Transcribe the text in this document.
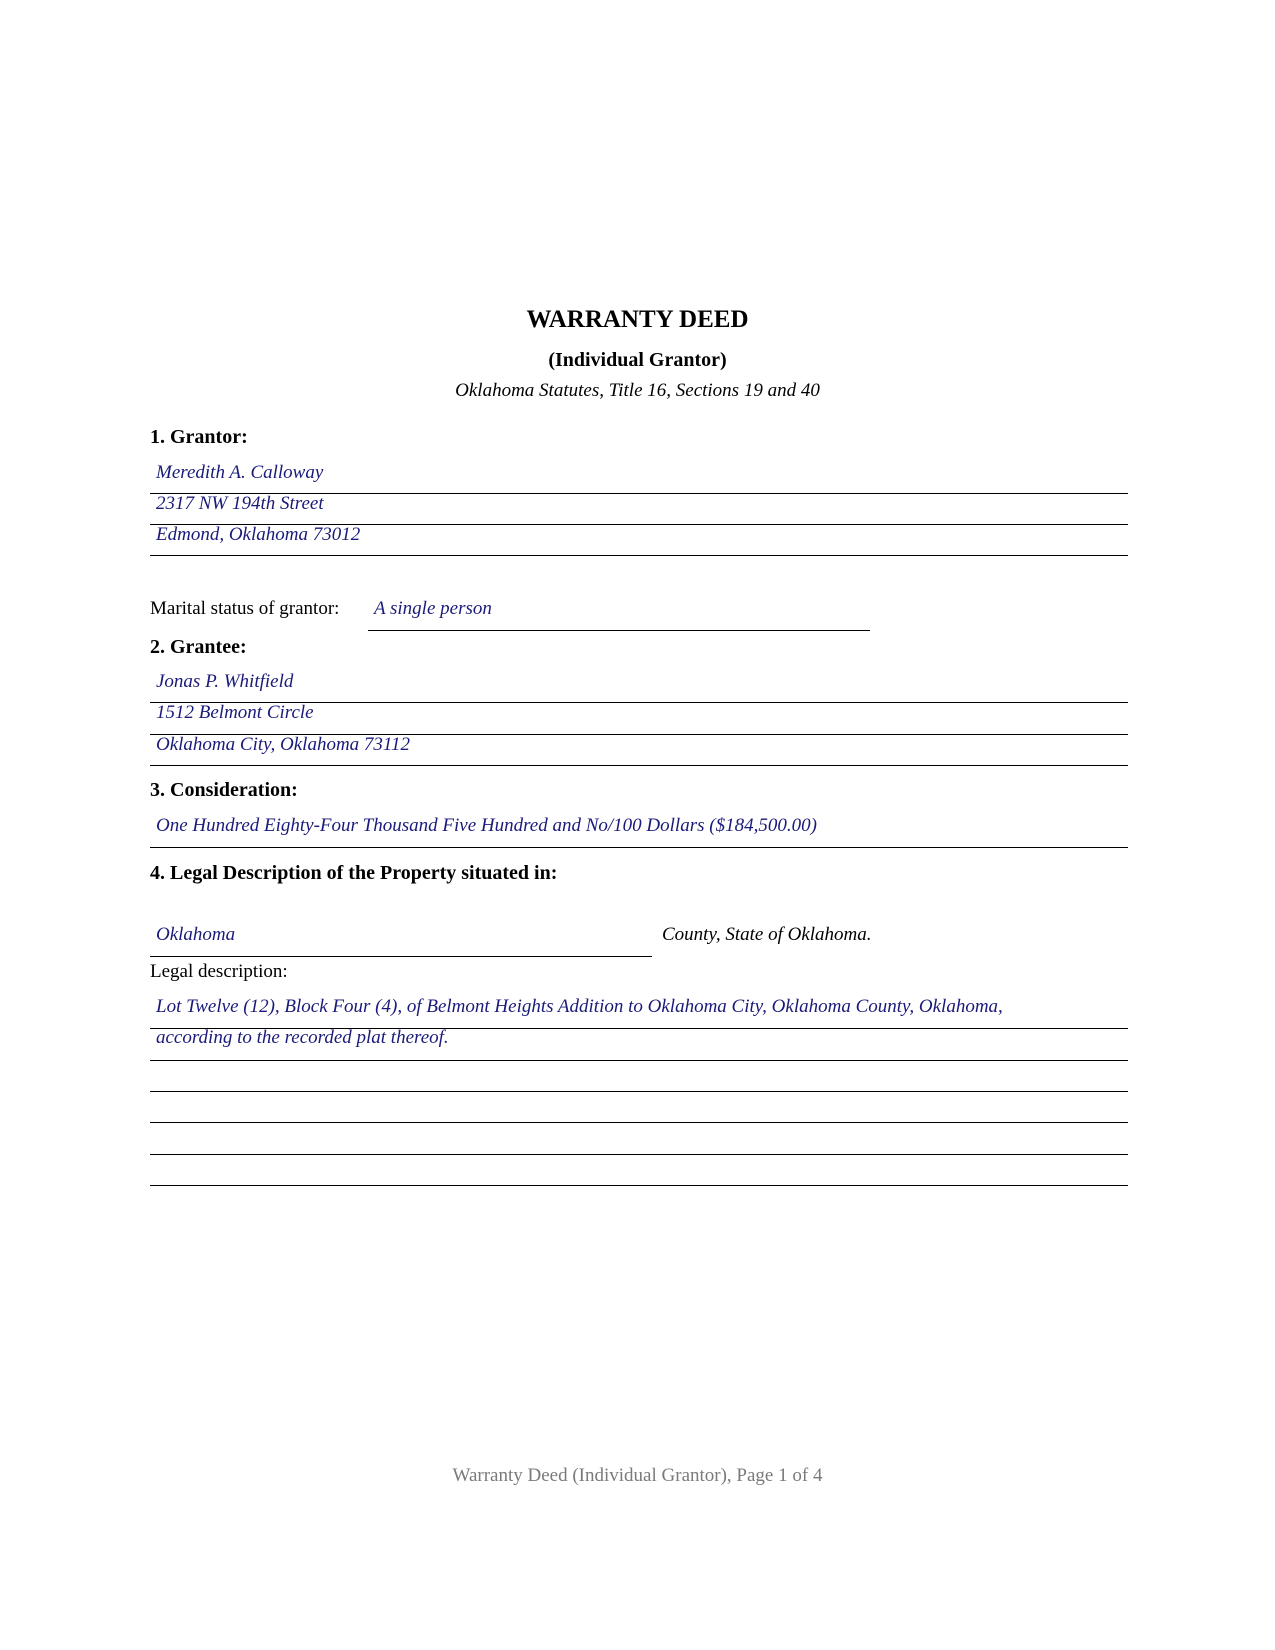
WARRANTY DEED
(Individual Grantor)
Oklahoma Statutes, Title 16, Sections 19 and 40
1. Grantor:
Meredith A. Calloway
2317 NW 194th Street
Edmond, Oklahoma 73012
Marital status of grantor: A single person
2. Grantee:
Jonas P. Whitfield
1512 Belmont Circle
Oklahoma City, Oklahoma 73112
3. Consideration:
One Hundred Eighty-Four Thousand Five Hundred and No/100 Dollars ($184,500.00)
4. Legal Description of the Property situated in:
Oklahoma	County, State of Oklahoma.
Legal description:
Lot Twelve (12), Block Four (4), of Belmont Heights Addition to Oklahoma City, Oklahoma County, Oklahoma,
according to the recorded plat thereof.
Warranty Deed (Individual Grantor), Page 1 of 4
